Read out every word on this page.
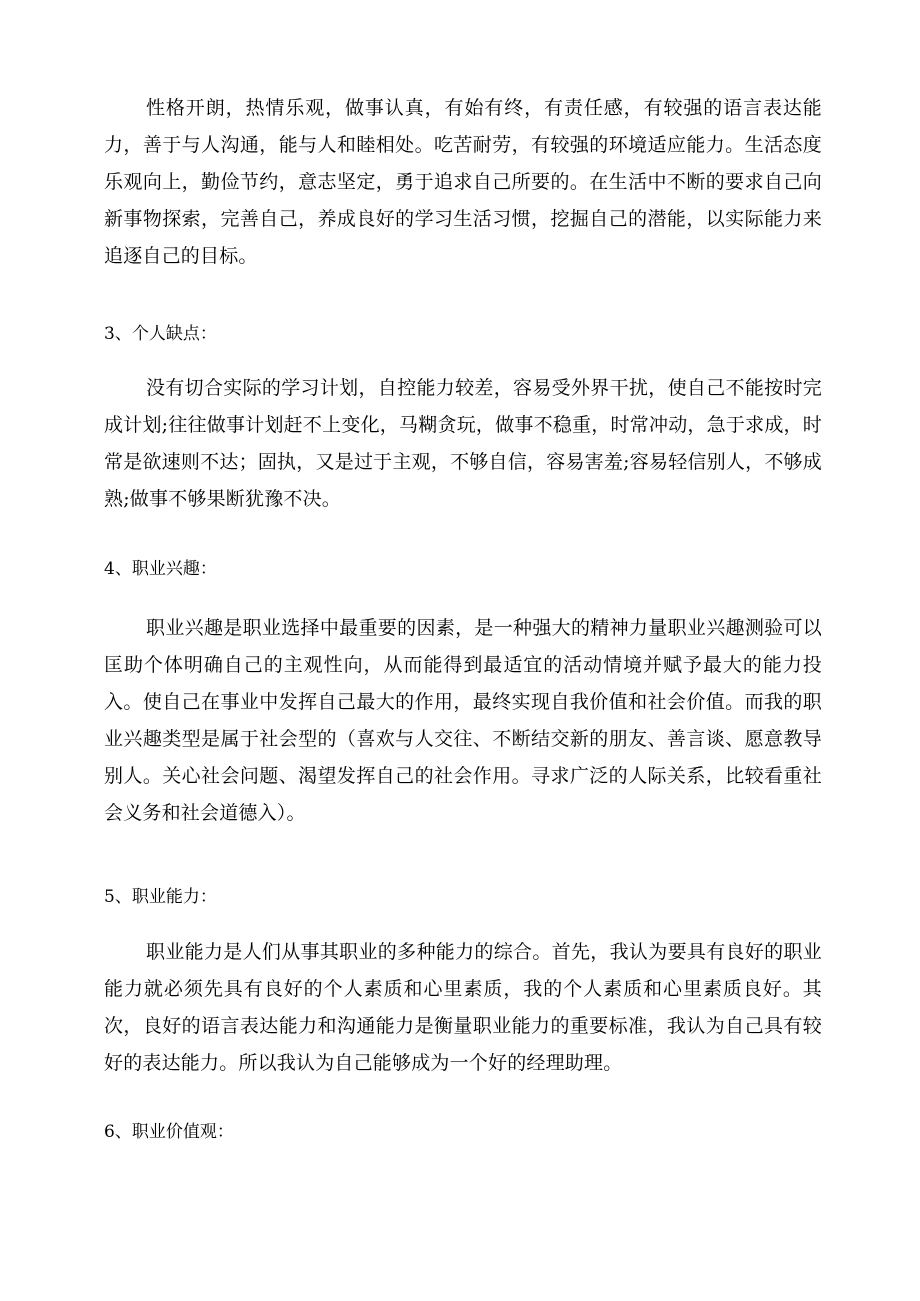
性格开朗，热情乐观，做事认真，有始有终，有责任感，有较强的语言表达能力，善于与人沟通，能与人和睦相处。吃苦耐劳，有较强的环境适应能力。生活态度乐观向上，勤俭节约，意志坚定，勇于追求自己所要的。在生活中不断的要求自己向新事物探索，完善自己，养成良好的学习生活习惯，挖掘自己的潜能，以实际能力来追逐自己的目标。

3、个人缺点：

没有切合实际的学习计划，自控能力较差，容易受外界干扰，使自己不能按时完成计划;往往做事计划赶不上变化，马糊贪玩，做事不稳重，时常冲动，急于求成，时常是欲速则不达；固执，又是过于主观，不够自信，容易害羞;容易轻信别人，不够成熟;做事不够果断犹豫不决。

4、职业兴趣：

职业兴趣是职业选择中最重要的因素，是一种强大的精神力量职业兴趣测验可以匡助个体明确自己的主观性向，从而能得到最适宜的活动情境并赋予最大的能力投入。使自己在事业中发挥自己最大的作用，最终实现自我价值和社会价值。而我的职业兴趣类型是属于社会型的（喜欢与人交往、不断结交新的朋友、善言谈、愿意教导别人。关心社会问题、渴望发挥自己的社会作用。寻求广泛的人际关系，比较看重社会义务和社会道德入）。

5、职业能力：

职业能力是人们从事其职业的多种能力的综合。首先，我认为要具有良好的职业能力就必须先具有良好的个人素质和心里素质，我的个人素质和心里素质良好。其次，良好的语言表达能力和沟通能力是衡量职业能力的重要标准，我认为自己具有较好的表达能力。所以我认为自己能够成为一个好的经理助理。

6、职业价值观：
